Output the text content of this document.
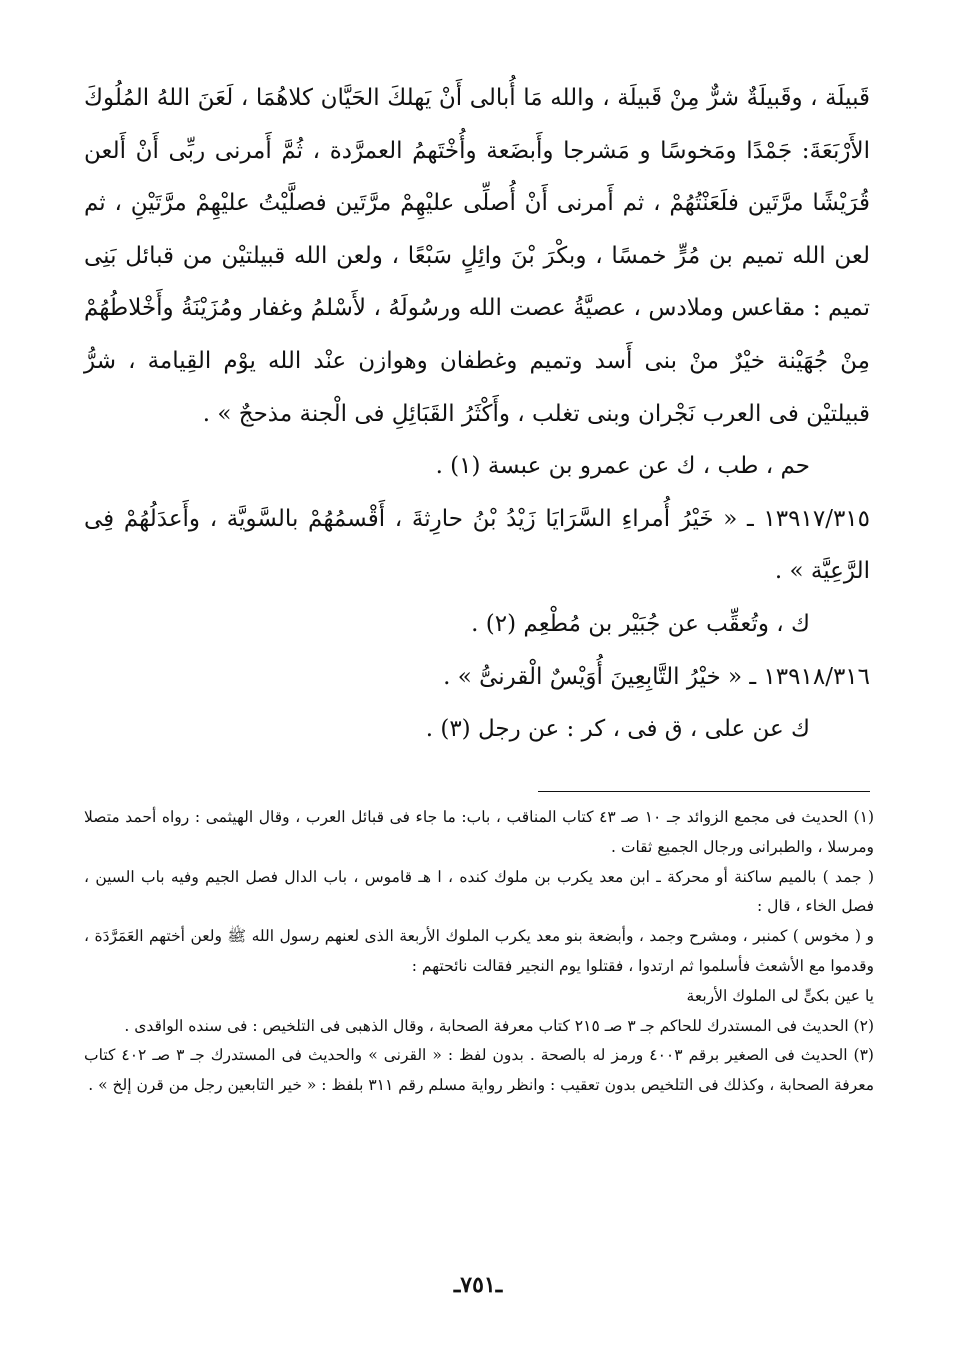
قَبيلَة ، وقَبيلَةٌ شرٌّ مِنْ قَبيلَة ، والله مَا أُبالى أَنْ يَهلكَ الحَيَّان كلاهُمَا ، لَعَنَ اللهُ المُلُوكَ الأَرْبَعَةَ: جَمْدًا ومَخوسًا و مَشرجا وأَبضَعة وأُخْتَهمُ العمرَّدة ، ثُمَّ أَمرنى ربِّى أَنْ أَلعن قُرَيْشًا مرَّتَين فلَعَنْتُهُمْ ، ثم أَمرنى أَنْ أُصلِّى عليْهِمْ مرَّتَين فصلَّيْتُ عليْهِمْ مرَّتَيْنِ ، ثم لعن الله تميم بن مُرٍّ خمسًا ، وبكْرَ بْنَ وائِلٍ سَبْعًا ، ولعن الله قبيلتيْن من قبائل بَنِى تميم : مقاعس وملادس ، عصيَّةُ عصت الله ورسُولَهُ ، لأَسْلمُ وغفار ومُزَيْنَةُ وأَخْلاطُهُمْ مِنْ جُهَيْنة خيْرٌ منْ بنى أَسد وتميم وغطفان وهوازن عنْد الله يوْم القِيامة ، شرُّ قبيلتيْن فى العرب نَجْران وبنى تغلب ، وأَكْثَرُ القَبَائِلِ فى الْجنة مذحجٌ » .

حم ، طب ، ك عن عمرو بن عبسة (١) .

١٣٩١٧/٣١٥ ـ « خَيْرُ أُمراءِ السَّرَايَا زَيْدُ بْنُ حارِثةَ ، أَقْسمُهُمْ بالسَّويَّة ، وأَعدَلُهُمْ فِى الرَّعِيَّة » .

ك ، وتُعقِّب عن جُبَيْر بن مُطْعِم (٢) .

١٣٩١٨/٣١٦ ـ « خيْرُ التَّابِعِينَ أُوَيْسٌ الْقرنىُّ » .

ك عن على ، ق فى ، كر : عن رجل (٣) .

(١) الحديث فى مجمع الزوائد جـ ١٠ صـ ٤٣ كتاب المناقب ، باب: ما جاء فى قبائل العرب ، وقال الهيثمى : رواه أحمد متصلا ومرسلا ، والطبرانى ورجال الجميع ثقات .

( جمد ) بالميم ساكنة أو محركة ـ ابن معد يكرب بن ملوك كنده ، ا هـ قاموس ، باب الدال فصل الجيم وفيه باب السين ، فصل الخاء ، قال :

و ( مخوس ) كمنبر ، ومشرح وجمد ، وأبضعة بنو معد يكرب الملوك الأربعة الذى لعنهم رسول الله ﷺ ولعن أختهم العَمَرَّدَة ، وقدموا مع الأشعث فأسلموا ثم ارتدوا ، فقتلوا يوم النجير فقالت نائحتهم :

يا عين بكىٍّ لى الملوك الأربعة

(٢) الحديث فى المستدرك للحاكم جـ ٣ صـ ٢١٥ كتاب معرفة الصحابة ، وقال الذهبى فى التلخيص : فى سنده الواقدى .

(٣) الحديث فى الصغير برقم ٤٠٠٣ ورمز له بالصحة . بدون لفظ : « القرنى » والحديث فى المستدرك جـ ٣ صـ ٤٠٢ كتاب معرفة الصحابة ، وكذلك فى التلخيص بدون تعقيب : وانظر رواية مسلم رقم ٣١١ بلفظ : « خير التابعين رجل من قرن إلخ » .

ـ٧٥١ـ
